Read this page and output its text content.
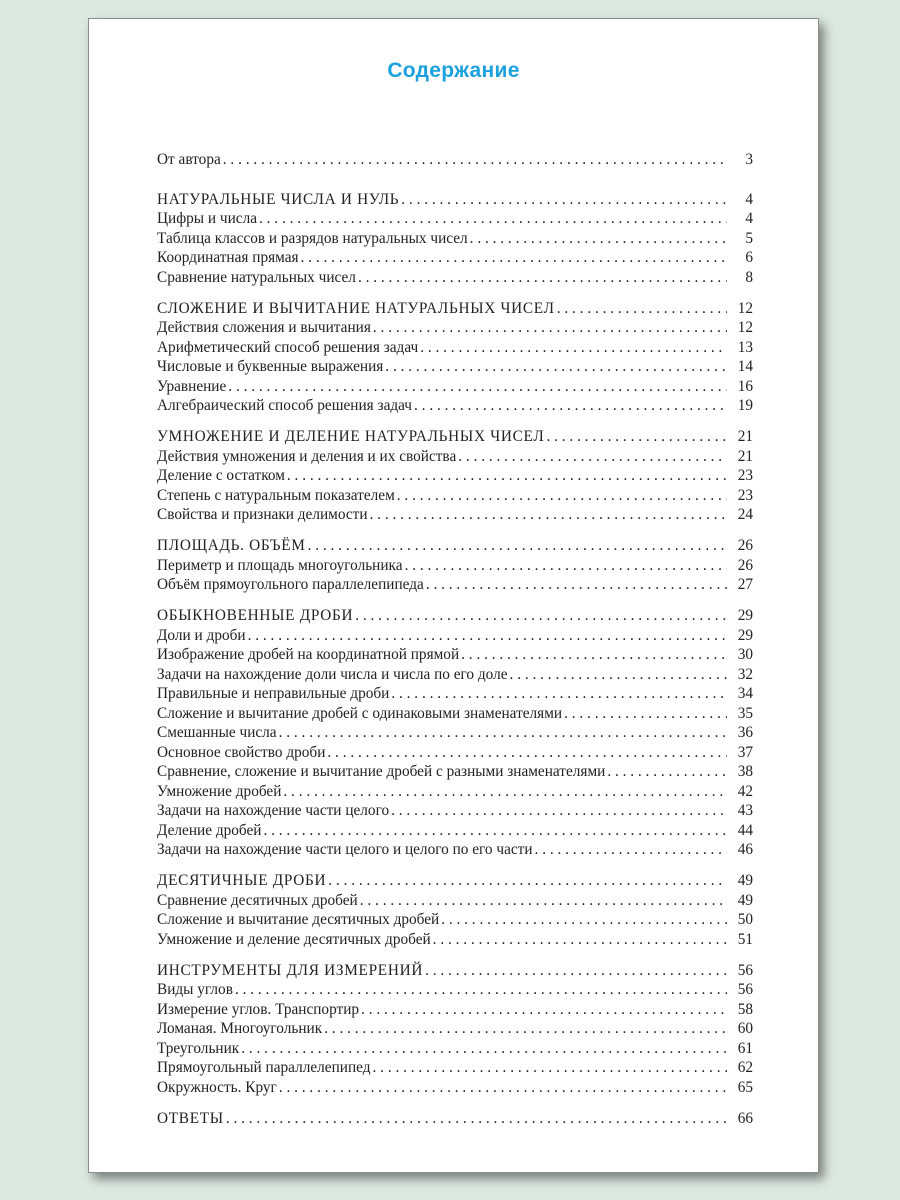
Содержание
От автора . . .	3
НАТУРАЛЬНЫЕ ЧИСЛА И НУЛЬ . . .	4
Цифры и числа . . .	4
Таблица классов и разрядов натуральных чисел . . .	5
Координатная прямая . . .	6
Сравнение натуральных чисел . . .	8
СЛОЖЕНИЕ И ВЫЧИТАНИЕ НАТУРАЛЬНЫХ ЧИСЕЛ . . .	12
Действия сложения и вычитания . . .	12
Арифметический способ решения задач . . .	13
Числовые и буквенные выражения . . .	14
Уравнение . . .	16
Алгебраический способ решения задач . . .	19
УМНОЖЕНИЕ И ДЕЛЕНИЕ НАТУРАЛЬНЫХ ЧИСЕЛ . . .	21
Действия умножения и деления и их свойства . . .	21
Деление с остатком . . .	23
Степень с натуральным показателем . . .	23
Свойства и признаки делимости . . .	24
ПЛОЩАДЬ. ОБЪЁМ . . .	26
Периметр и площадь многоугольника . . .	26
Объём прямоугольного параллелепипеда . . .	27
ОБЫКНОВЕННЫЕ ДРОБИ . . .	29
Доли и дроби . . .	29
Изображение дробей на координатной прямой . . .	30
Задачи на нахождение доли числа и числа по его доле . . .	32
Правильные и неправильные дроби . . .	34
Сложение и вычитание дробей с одинаковыми знаменателями . . .	35
Смешанные числа . . .	36
Основное свойство дроби . . .	37
Сравнение, сложение и вычитание дробей с разными знаменателями . . .	38
Умножение дробей . . .	42
Задачи на нахождение части целого . . .	43
Деление дробей . . .	44
Задачи на нахождение части целого и целого по его части . . .	46
ДЕСЯТИЧНЫЕ ДРОБИ . . .	49
Сравнение десятичных дробей . . .	49
Сложение и вычитание десятичных дробей . . .	50
Умножение и деление десятичных дробей . . .	51
ИНСТРУМЕНТЫ ДЛЯ ИЗМЕРЕНИЙ . . .	56
Виды углов . . .	56
Измерение углов. Транспортир . . .	58
Ломаная. Многоугольник . . .	60
Треугольник . . .	61
Прямоугольный параллелепипед . . .	62
Окружность. Круг . . .	65
ОТВЕТЫ . . .	66
